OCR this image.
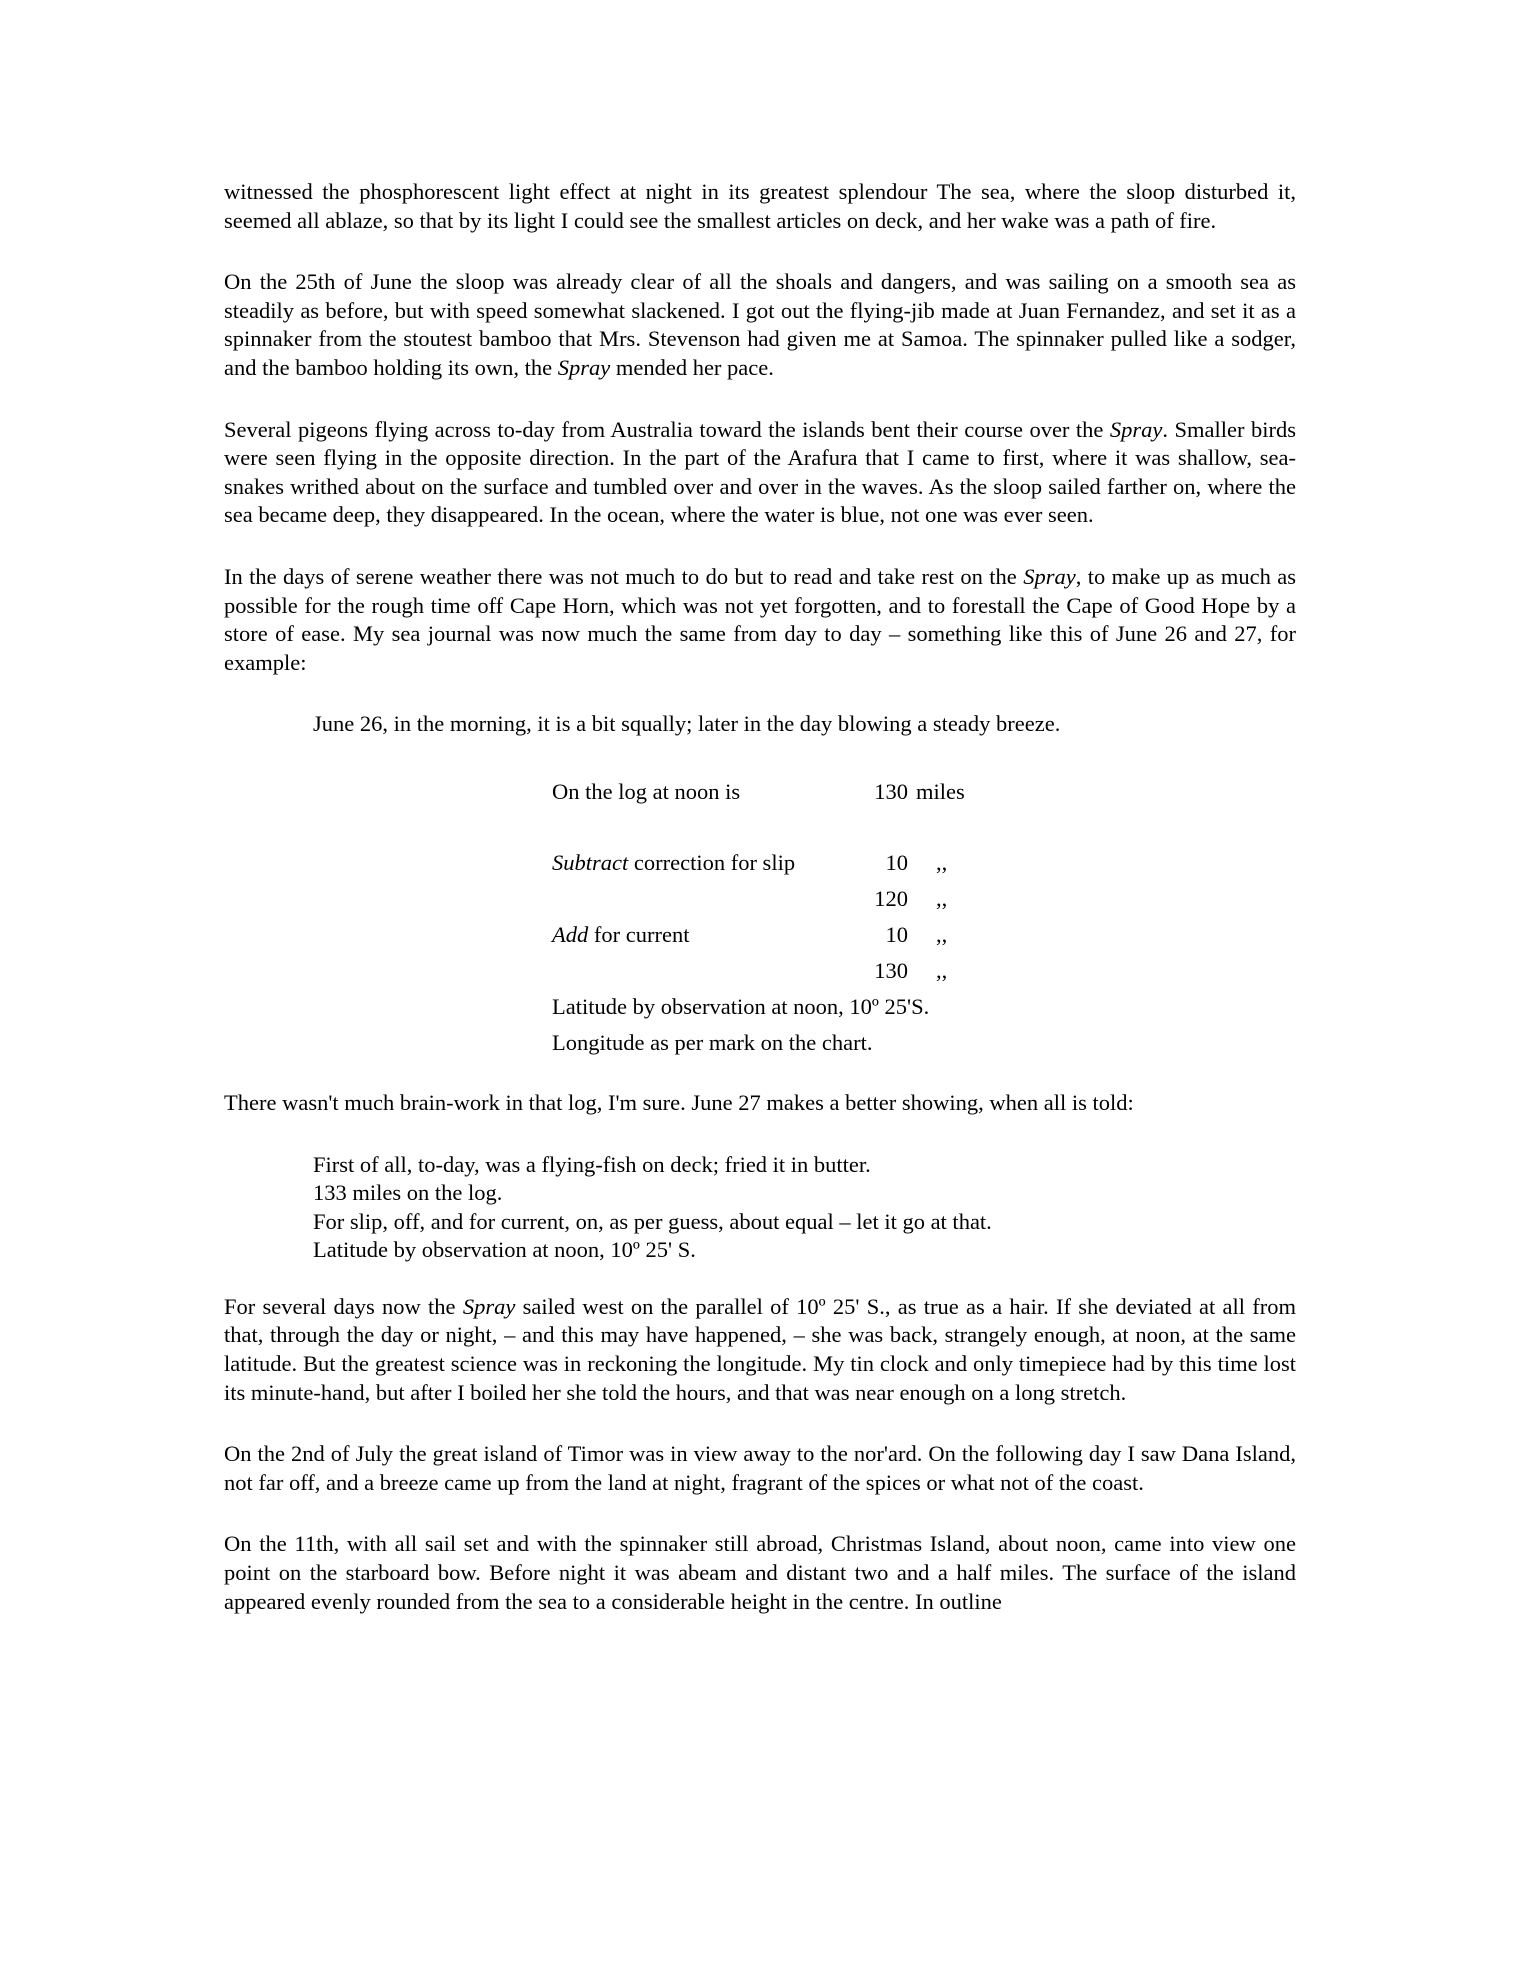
witnessed the phosphorescent light effect at night in its greatest splendour The sea, where the sloop disturbed it, seemed all ablaze, so that by its light I could see the smallest articles on deck, and her wake was a path of fire.

On the 25th of June the sloop was already clear of all the shoals and dangers, and was sailing on a smooth sea as steadily as before, but with speed somewhat slackened. I got out the flying-jib made at Juan Fernandez, and set it as a spinnaker from the stoutest bamboo that Mrs. Stevenson had given me at Samoa. The spinnaker pulled like a sodger, and the bamboo holding its own, the Spray mended her pace.

Several pigeons flying across to-day from Australia toward the islands bent their course over the Spray. Smaller birds were seen flying in the opposite direction. In the part of the Arafura that I came to first, where it was shallow, sea-snakes writhed about on the surface and tumbled over and over in the waves. As the sloop sailed farther on, where the sea became deep, they disappeared. In the ocean, where the water is blue, not one was ever seen.

In the days of serene weather there was not much to do but to read and take rest on the Spray, to make up as much as possible for the rough time off Cape Horn, which was not yet forgotten, and to forestall the Cape of Good Hope by a store of ease. My sea journal was now much the same from day to day – something like this of June 26 and 27, for example:

June 26, in the morning, it is a bit squally; later in the day blowing a steady breeze.
On the log at noon is	130	miles

Subtract correction for slip	10	,,
	120	,,
Add for current	10	,,
	130	,,
Latitude by observation at noon, 10º 25'S.		
Longitude as per mark on the chart.		

There wasn't much brain-work in that log, I'm sure. June 27 makes a better showing, when all is told:

First of all, to-day, was a flying-fish on deck; fried it in butter.
133 miles on the log.
For slip, off, and for current, on, as per guess, about equal – let it go at that.
Latitude by observation at noon, 10º 25' S.

For several days now the Spray sailed west on the parallel of 10º 25' S., as true as a hair. If she deviated at all from that, through the day or night, – and this may have happened, – she was back, strangely enough, at noon, at the same latitude. But the greatest science was in reckoning the longitude. My tin clock and only timepiece had by this time lost its minute-hand, but after I boiled her she told the hours, and that was near enough on a long stretch.

On the 2nd of July the great island of Timor was in view away to the nor'ard. On the following day I saw Dana Island, not far off, and a breeze came up from the land at night, fragrant of the spices or what not of the coast.

On the 11th, with all sail set and with the spinnaker still abroad, Christmas Island, about noon, came into view one point on the starboard bow. Before night it was abeam and distant two and a half miles. The surface of the island appeared evenly rounded from the sea to a considerable height in the centre. In outline
